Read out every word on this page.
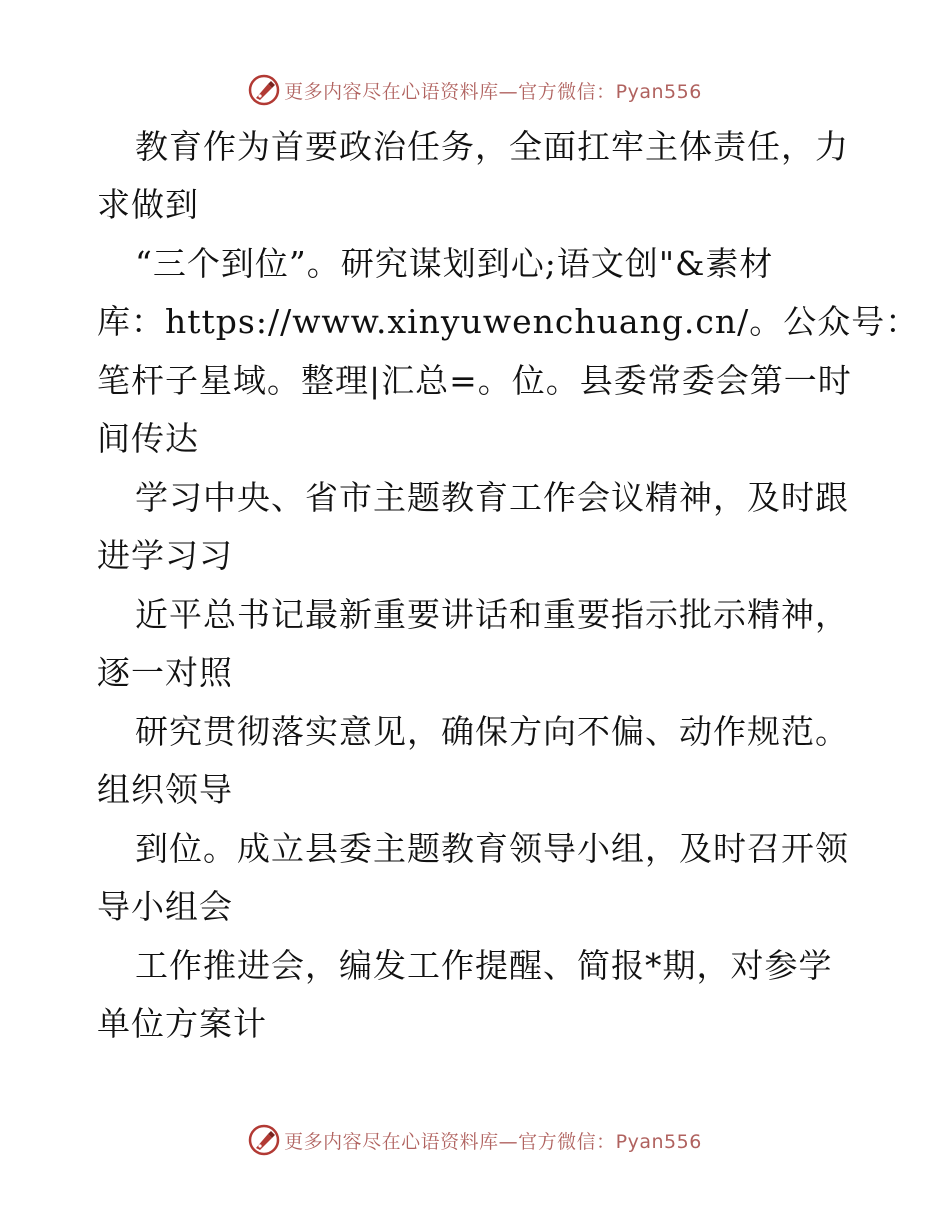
更多内容尽在心语资料库—官方微信：Pyan556
教育作为首要政治任务，全面扛牢主体责任，力
求做到
“三个到位”。研究谋划到心;语文创"&素材
库：https://www.xinyuwenchuang.cn/。公众号：
笔杆子星域。整理|汇总=。位。县委常委会第一时
间传达
学习中央、省市主题教育工作会议精神，及时跟
进学习习
近平总书记最新重要讲话和重要指示批示精神，
逐一对照
研究贯彻落实意见，确保方向不偏、动作规范。
组织领导
到位。成立县委主题教育领导小组，及时召开领
导小组会
工作推进会，编发工作提醒、简报*期，对参学
单位方案计
更多内容尽在心语资料库—官方微信：Pyan556
